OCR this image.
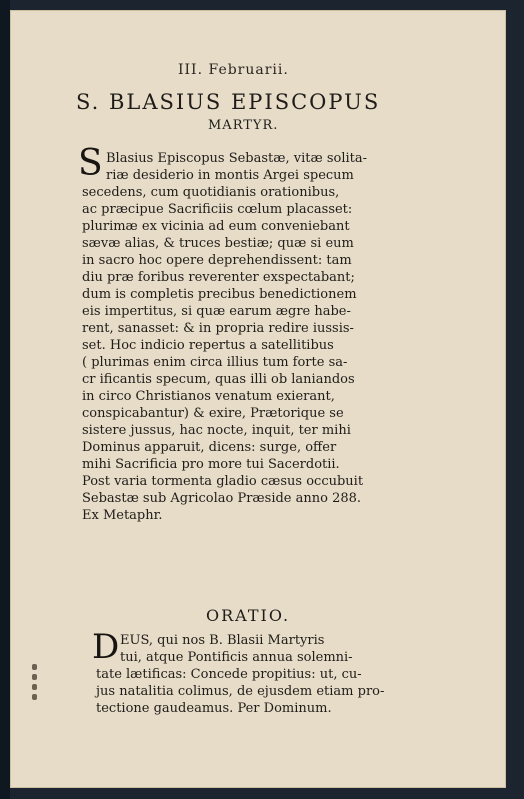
III. Februarii.
S. BLASIUS EPISCOPUS
MARTYR.
S Blasius Episcopus Sebastæ, vitæ solita-
riæ desiderio in montis Argei specum
secedens, cum quotidianis orationibus,
ac præcipue Sacrificiis cœlum placasset:
plurimæ ex vicinia ad eum conveniebant
sævæ alias, & truces bestiæ; quæ si eum
in sacro hoc opere deprehendissent: tam
diu præ foribus reverenter exspectabant;
dum is completis precibus benedictionem
eis impertitus, si quæ earum ægre habe-
rent, sanasset: & in propria redire iussis-
set. Hoc indicio repertus a satellitibus
( plurimas enim circa illius tum forte sa-
cr ificantis specum, quas illi ob laniandos
in circo Christianos venatum exierant,
conspicabantur) & exire, Prætorique se
sistere jussus, hac nocte, inquit, ter mihi
Dominus apparuit, dicens: surge, offer
mihi Sacrificia pro more tui Sacerdotii.
Post varia tormenta gladio cæsus occubuit
Sebastæ sub Agricolao Præside anno 288.
Ex Metaphr.
ORATIO.
D EUS, qui nos B. Blasii Martyris
tui, atque Pontificis annua solemni-
tate lætificas: Concede propitius: ut, cu-
jus natalitia colimus, de ejusdem etiam pro-
tectione gaudeamus. Per Dominum.
